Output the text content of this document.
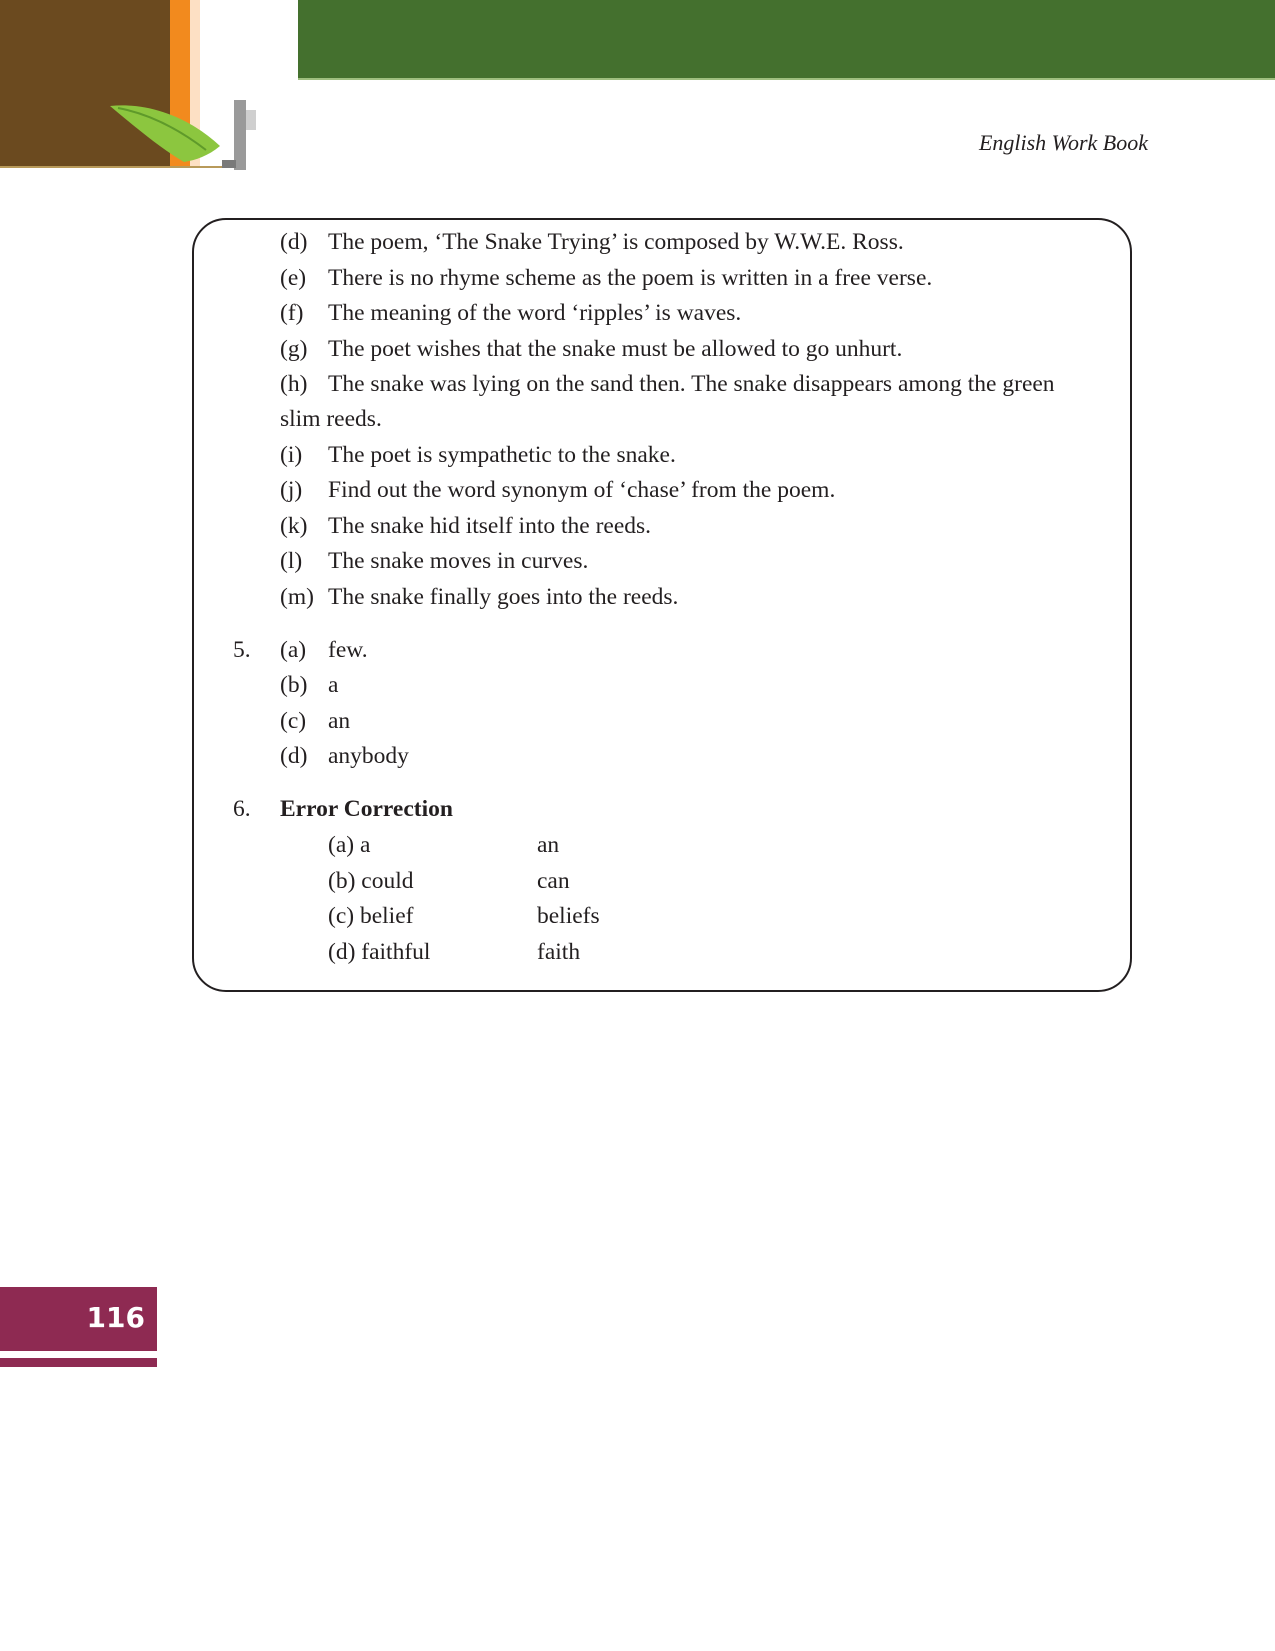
English Work Book

(d) The poem, ‘The Snake Trying’ is composed by W.W.E. Ross.
(e) There is no rhyme scheme as the poem is written in a free verse.
(f) The meaning of the word ‘ripples’ is waves.
(g) The poet wishes that the snake must be allowed to go unhurt.
(h) The snake was lying on the sand then. The snake disappears among the green
slim reeds.
(i) The poet is sympathetic to the snake.
(j) Find out the word synonym of ‘chase’ from the poem.
(k) The snake hid itself into the reeds.
(l) The snake moves in curves.
(m) The snake finally goes into the reeds.
5. (a) few.
(b) a
(c) an
(d) anybody
6. Error Correction
(a) a	an
(b) could	can
(c) belief	beliefs
(d) faithful	faith
116
